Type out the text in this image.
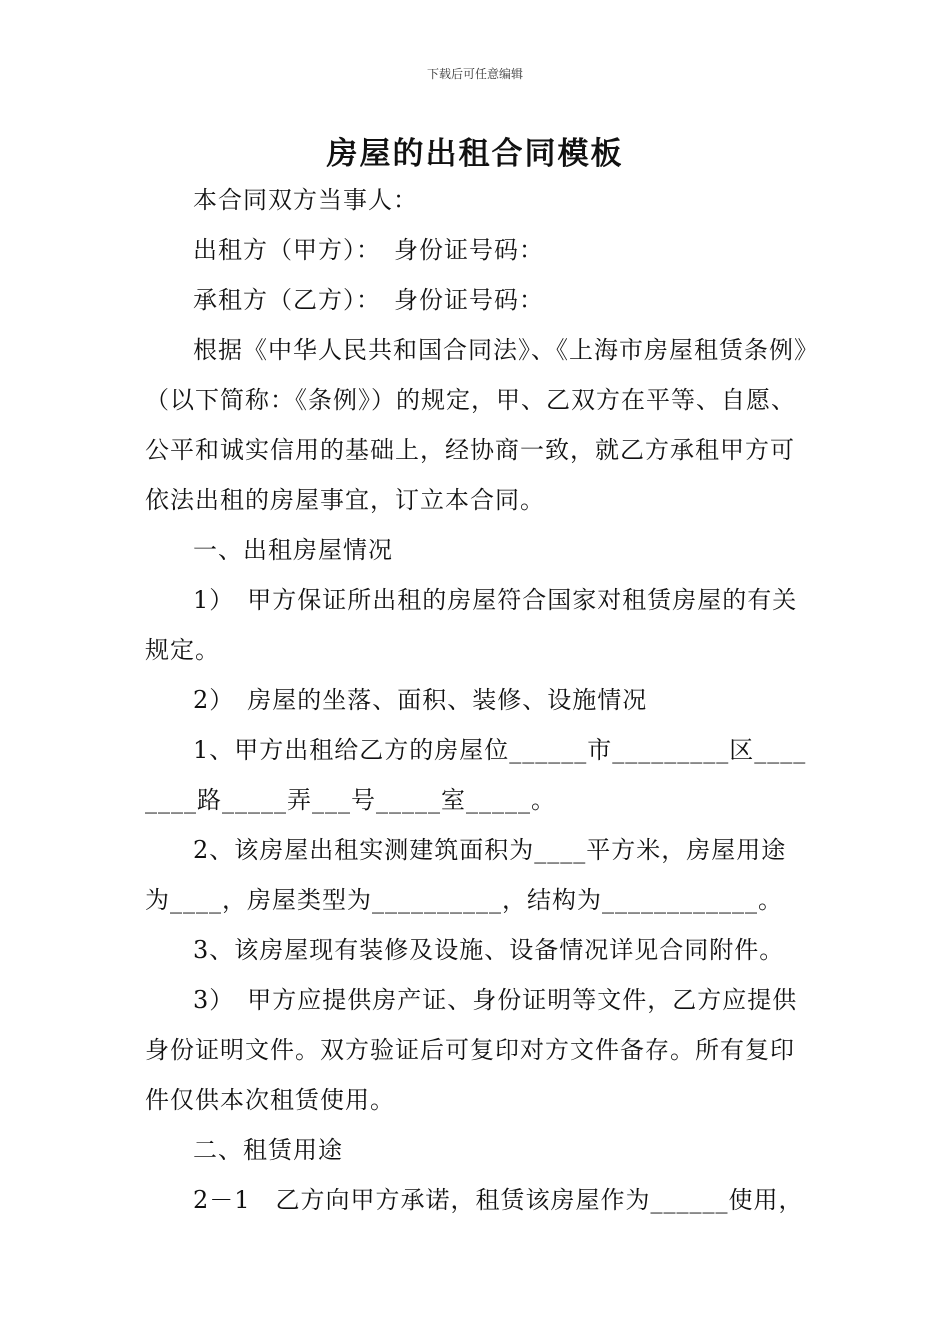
下载后可任意编辑
房屋的出租合同模板

本合同双方当事人：

出租方（甲方）：　身份证号码：

承租方（乙方）：　身份证号码：

根据《中华人民共和国合同法》、《上海市房屋租赁条例》（以下简称：《条例》）的规定，甲、乙双方在平等、自愿、公平和诚实信用的基础上，经协商一致，就乙方承租甲方可依法出租的房屋事宜，订立本合同。

一、出租房屋情况

1）　甲方保证所出租的房屋符合国家对租赁房屋的有关规定。

2）　房屋的坐落、面积、装修、设施情况

1、甲方出租给乙方的房屋位______市_________区________路_____弄___号_____室_____。

2、该房屋出租实测建筑面积为____平方米，房屋用途为____，房屋类型为__________，结构为____________。

3、该房屋现有装修及设施、设备情况详见合同附件。

3）　甲方应提供房产证、身份证明等文件，乙方应提供身份证明文件。双方验证后可复印对方文件备存。所有复印件仅供本次租赁使用。

二、租赁用途

2－1　乙方向甲方承诺，租赁该房屋作为______使用，
